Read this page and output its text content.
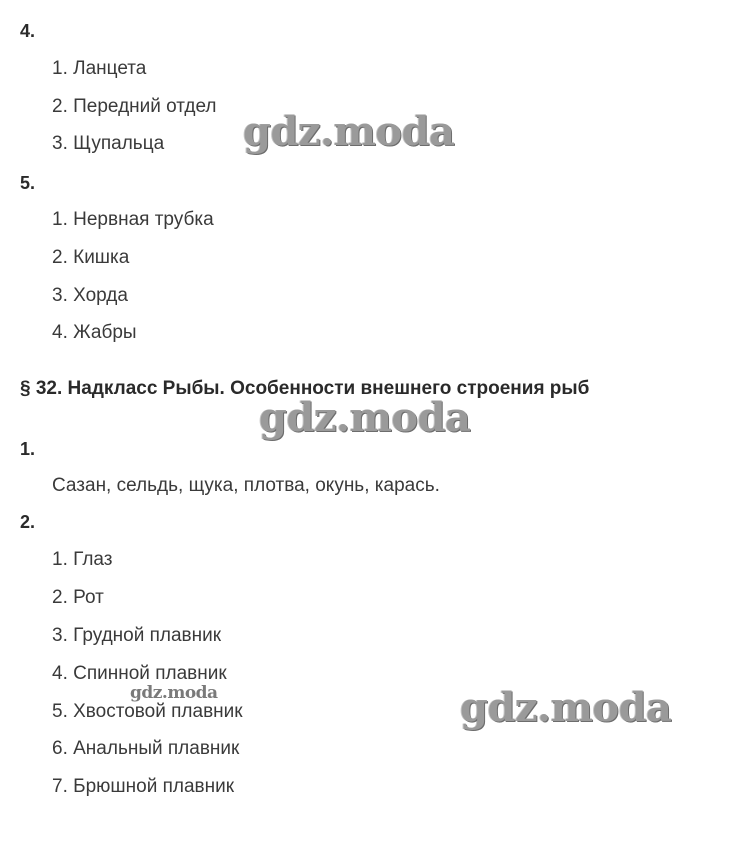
4.
1. Ланцета
2. Передний отдел
3. Щупальца
5.
1. Нервная трубка
2. Кишка
3. Хорда
4. Жабры
§ 32. Надкласс Рыбы. Особенности внешнего строения рыб
1.
Сазан, сельдь, щука, плотва, окунь, карась.
2.
1. Глаз
2. Рот
3. Грудной плавник
4. Спинной плавник
5. Хвостовой плавник
6. Анальный плавник
7. Брюшной плавник
gdz.moda
gdz.moda
gdz.moda	gdz.moda
